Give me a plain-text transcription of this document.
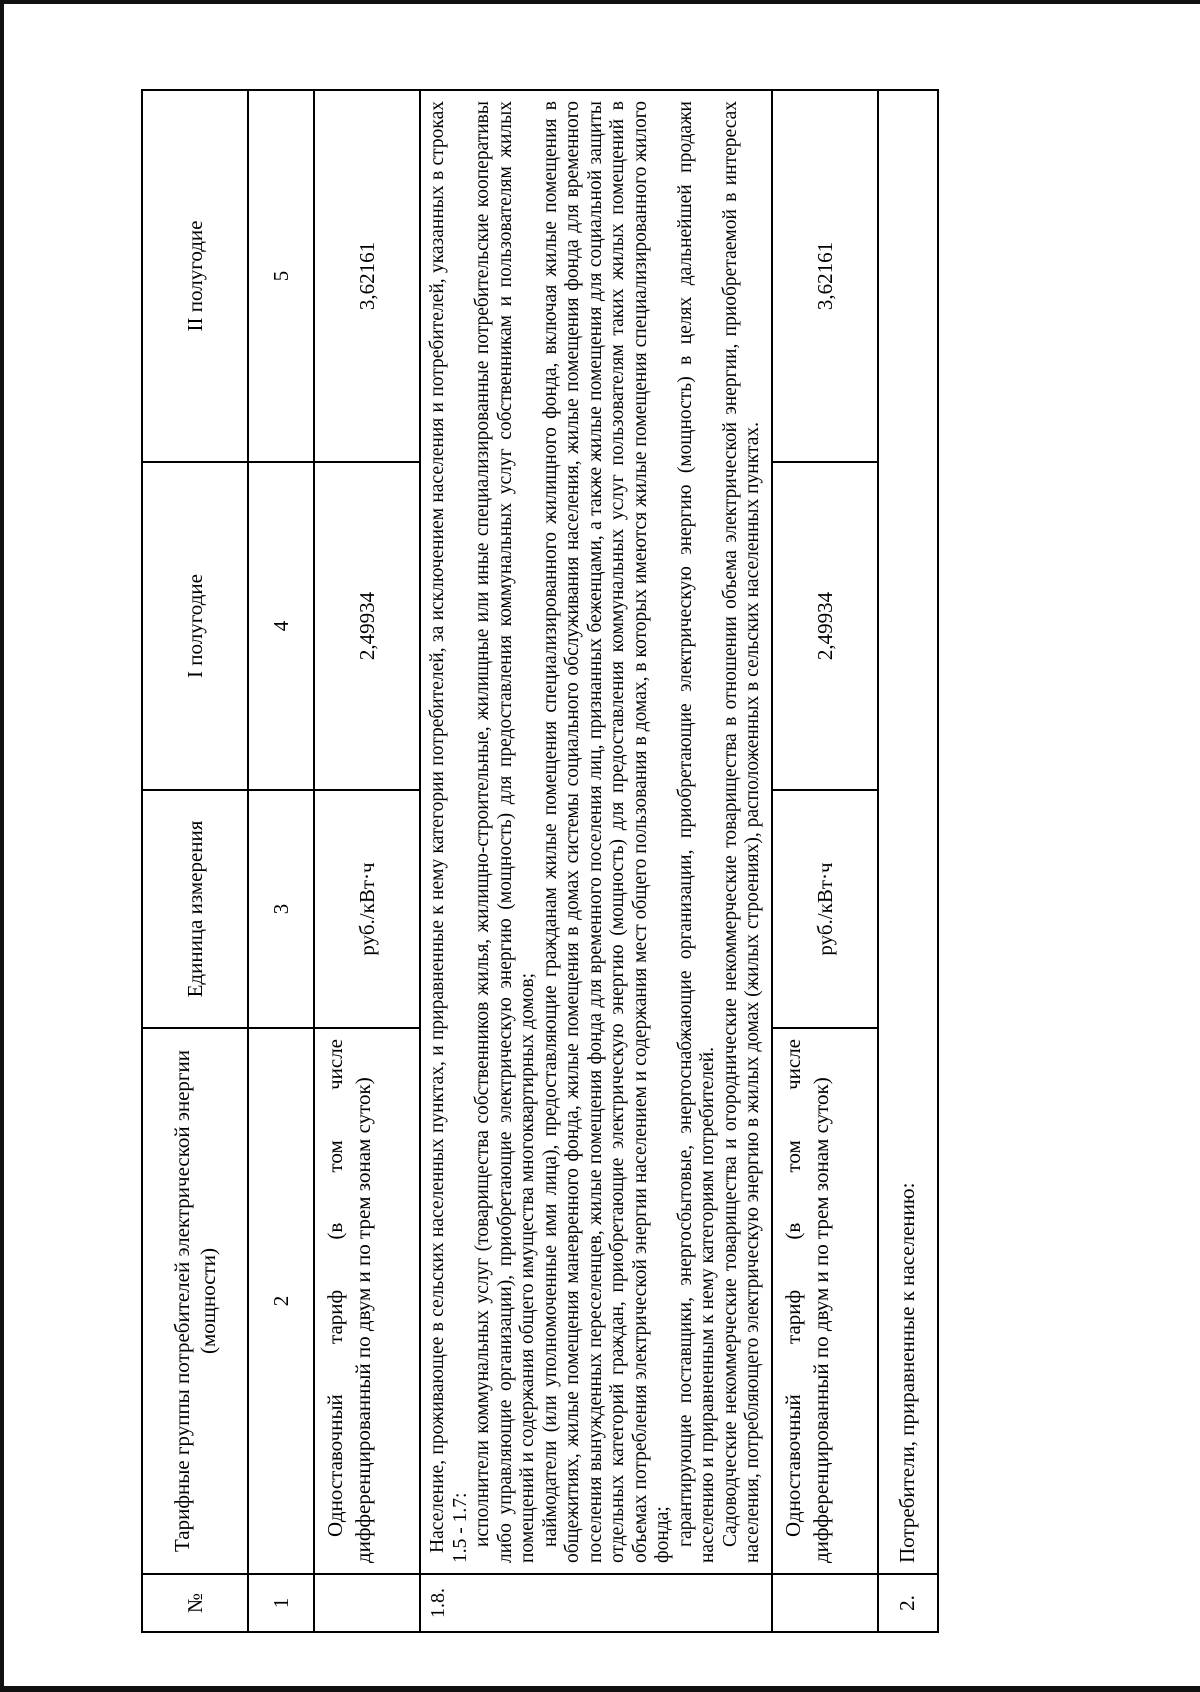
№	Тарифные группы потребителей электрической энергии (мощности)	Единица измерения	I полугодие	II полугодие
1	2	3	4	5
	Одноставочный тариф (в том числе дифференцированный по двум и по трем зонам суток)	руб./кВт·ч	2,49934	3,62161
1.8.	Население, проживающее в сельских населенных пунктах, и приравненные к нему категории потребителей, за исключением населения и потребителей, указанных в строках 1.5 - 1.7: исполнители коммунальных услуг (товарищества собственников жилья, жилищно-строительные, жилищные или иные специализированные потребительские кооперативы либо управляющие организации), приобретающие электрическую энергию (мощность) для предоставления коммунальных услуг собственникам и пользователям жилых помещений и содержания общего имущества многоквартирных домов; наймодатели (или уполномоченные ими лица), предоставляющие гражданам жилые помещения специализированного жилищного фонда, включая жилые помещения в общежитиях, жилые помещения маневренного фонда, жилые помещения в домах системы социального обслуживания населения, жилые помещения фонда для временного поселения вынужденных переселенцев, жилые помещения фонда для временного поселения лиц, признанных беженцами, а также жилые помещения для социальной защиты отдельных категорий граждан, приобретающие электрическую энергию (мощность) для предоставления коммунальных услуг пользователям таких жилых помещений в объемах потребления электрической энергии населением и содержания мест общего пользования в домах, в которых имеются жилые помещения специализированного жилого фонда; гарантирующие поставщики, энергосбытовые, энергоснабжающие организации, приобретающие электрическую энергию (мощность) в целях дальнейшей продажи населению и приравненным к нему категориям потребителей. Садоводческие некоммерческие товарищества и огороднические некоммерческие товарищества в отношении объема электрической энергии, приобретаемой в интересах населения, потребляющего электрическую энергию в жилых домах (жилых строениях), расположенных в сельских населенных пунктах.			

	Одноставочный тариф (в том числе дифференцированный по двум и по трем зонам суток)	руб./кВт·ч	2,49934	3,62161
2.	Потребители, приравненные к населению:			
